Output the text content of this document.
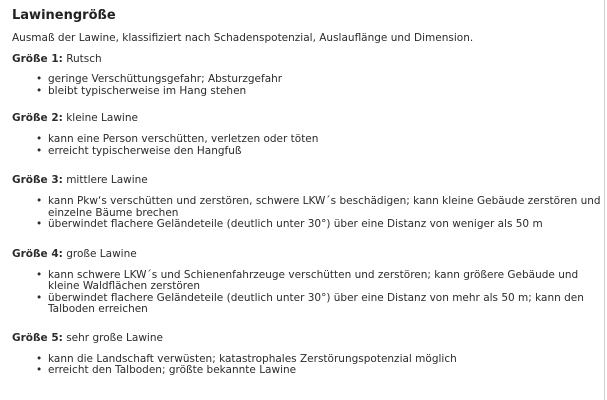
Lawinengröße

Ausmaß der Lawine, klassifiziert nach Schadenspotenzial, Auslauflänge und Dimension.

Größe 1: Rutsch

• geringe Verschüttungsgefahr; Absturzgefahr
• bleibt typischerweise im Hang stehen

Größe 2: kleine Lawine

• kann eine Person verschütten, verletzen oder töten
• erreicht typischerweise den Hangfuß

Größe 3: mittlere Lawine

• kann Pkw‘s verschütten und zerstören, schwere LKW´s beschädigen; kann kleine Gebäude zerstören und einzelne Bäume brechen
• überwindet flachere Geländeteile (deutlich unter 30°) über eine Distanz von weniger als 50 m

Größe 4: große Lawine

• kann schwere LKW´s und Schienenfahrzeuge verschütten und zerstören; kann größere Gebäude und kleine Waldflächen zerstören
• überwindet flachere Geländeteile (deutlich unter 30°) über eine Distanz von mehr als 50 m; kann den Talboden erreichen

Größe 5: sehr große Lawine

• kann die Landschaft verwüsten; katastrophales Zerstörungspotenzial möglich
• erreicht den Talboden; größte bekannte Lawine
